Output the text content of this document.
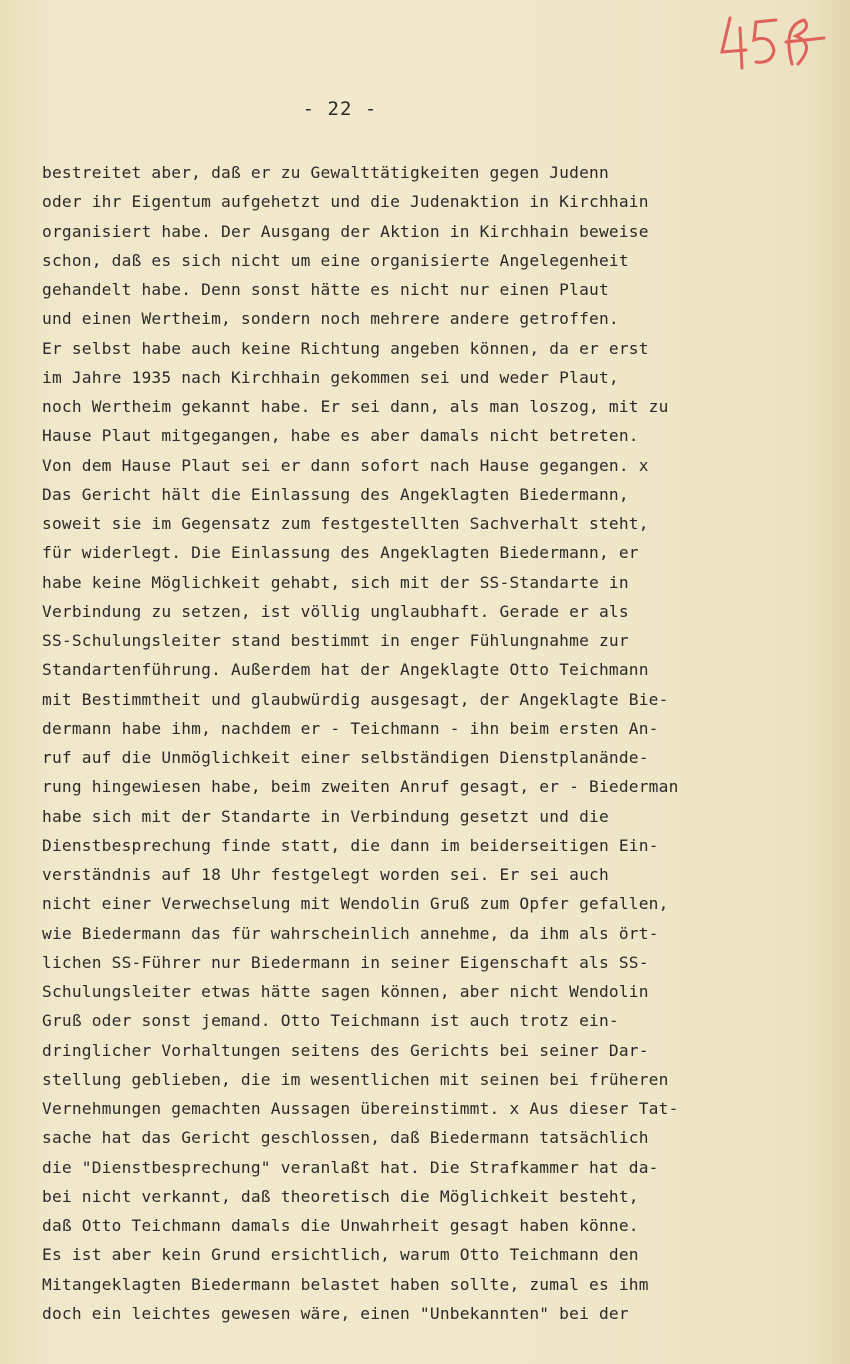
- 22 -
bestreitet aber, daß er zu Gewalttätigkeiten gegen Judenn
oder ihr Eigentum aufgehetzt und die Judenaktion in Kirchhain
organisiert habe. Der Ausgang der Aktion in Kirchhain beweise
schon, daß es sich nicht um eine organisierte Angelegenheit
gehandelt habe. Denn sonst hätte es nicht nur einen Plaut
und einen Wertheim, sondern noch mehrere andere getroffen.
Er selbst habe auch keine Richtung angeben können, da er erst
im Jahre 1935 nach Kirchhain gekommen sei und weder Plaut,
noch Wertheim gekannt habe. Er sei dann, als man loszog, mit zu
Hause Plaut mitgegangen, habe es aber damals nicht betreten.
Von dem Hause Plaut sei er dann sofort nach Hause gegangen. x
Das Gericht hält die Einlassung des Angeklagten Biedermann,
soweit sie im Gegensatz zum festgestellten Sachverhalt steht,
für widerlegt. Die Einlassung des Angeklagten Biedermann, er
habe keine Möglichkeit gehabt, sich mit der SS-Standarte in
Verbindung zu setzen, ist völlig unglaubhaft. Gerade er als
SS-Schulungsleiter stand bestimmt in enger Fühlungnahme zur
Standartenführung. Außerdem hat der Angeklagte Otto Teichmann
mit Bestimmtheit und glaubwürdig ausgesagt, der Angeklagte Bie-
dermann habe ihm, nachdem er - Teichmann - ihn beim ersten An-
ruf auf die Unmöglichkeit einer selbständigen Dienstplanände-
rung hingewiesen habe, beim zweiten Anruf gesagt, er - Biederman
habe sich mit der Standarte in Verbindung gesetzt und die
Dienstbesprechung finde statt, die dann im beiderseitigen Ein-
verständnis auf 18 Uhr festgelegt worden sei. Er sei auch
nicht einer Verwechselung mit Wendolin Gruß zum Opfer gefallen,
wie Biedermann das für wahrscheinlich annehme, da ihm als ört-
lichen SS-Führer nur Biedermann in seiner Eigenschaft als SS-
Schulungsleiter etwas hätte sagen können, aber nicht Wendolin
Gruß oder sonst jemand. Otto Teichmann ist auch trotz ein-
dringlicher Vorhaltungen seitens des Gerichts bei seiner Dar-
stellung geblieben, die im wesentlichen mit seinen bei früheren
Vernehmungen gemachten Aussagen übereinstimmt. x Aus dieser Tat-
sache hat das Gericht geschlossen, daß Biedermann tatsächlich
die "Dienstbesprechung" veranlaßt hat. Die Strafkammer hat da-
bei nicht verkannt, daß theoretisch die Möglichkeit besteht,
daß Otto Teichmann damals die Unwahrheit gesagt haben könne.
Es ist aber kein Grund ersichtlich, warum Otto Teichmann den
Mitangeklagten Biedermann belastet haben sollte, zumal es ihm
doch ein leichtes gewesen wäre, einen "Unbekannten" bei der
